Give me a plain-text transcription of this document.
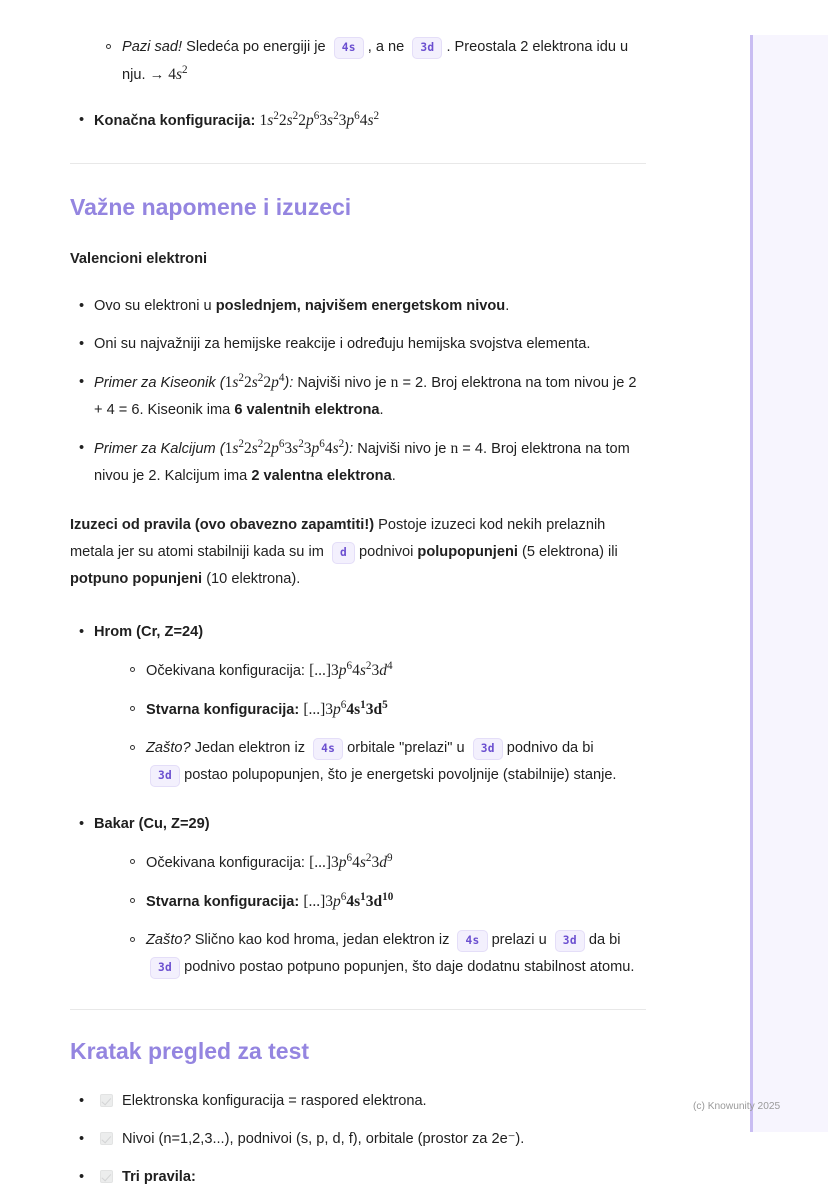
Pazi sad! Sledeća po energiji je 4s , a ne 3d . Preostala 2 elektrona idu u nju. → $4s^2$
• Konačna konfiguracija: $1s^22s^22p^63s^23p^64s^2$
Važne napomene i izuzeci
Valencioni elektroni
• Ovo su elektroni u poslednjem, najvišem energetskom nivou.
• Oni su najvažniji za hemijske reakcije i određuju hemijska svojstva elementa.
• Primer za Kiseonik $(1s^22s^22p^4)$: Najviši nivo je n = 2. Broj elektrona na tom nivou je 2 + 4 = 6. Kiseonik ima 6 valentnih elektrona.
• Primer za Kalcijum $(1s^22s^22p^63s^23p^64s^2)$: Najviši nivo je n = 4. Broj elektrona na tom nivou je 2. Kalcijum ima 2 valentna elektrona.

Izuzeci od pravila (ovo obavezno zapamtiti!) Postoje izuzeci kod nekih prelaznih metala jer su atomi stabilniji kada su im d podnivoi polupopunjeni (5 elektrona) ili potpuno popunjeni (10 elektrona).

• Hrom (Cr, Z=24)
Očekivana konfiguracija: $[...]3p^64s^23d^4$
Stvarna konfiguracija: $[...]3p^64s^13d^5$
Zašto? Jedan elektron iz 4s orbitale "prelazi" u 3d podnivo da bi 3d postao polupopunjen, što je energetski povoljnije (stabilnije) stanje.
• Bakar (Cu, Z=29)
Očekivana konfiguracija: $[...]3p^64s^23d^9$
Stvarna konfiguracija: $[...]3p^64s^13d^{10}$
Zašto? Slično kao kod hroma, jedan elektron iz 4s prelazi u 3d da bi 3d podnivo postao potpuno popunjen, što daje dodatnu stabilnost atomu.
Kratak pregled za test
•	Elektronska konfiguracija = raspored elektrona.
•	Nivoi (n=1,2,3...), podnivoi (s, p, d, f), orbitale (prostor za 2e⁻).
•	Tri pravila:
(c) Knowunity 2025
